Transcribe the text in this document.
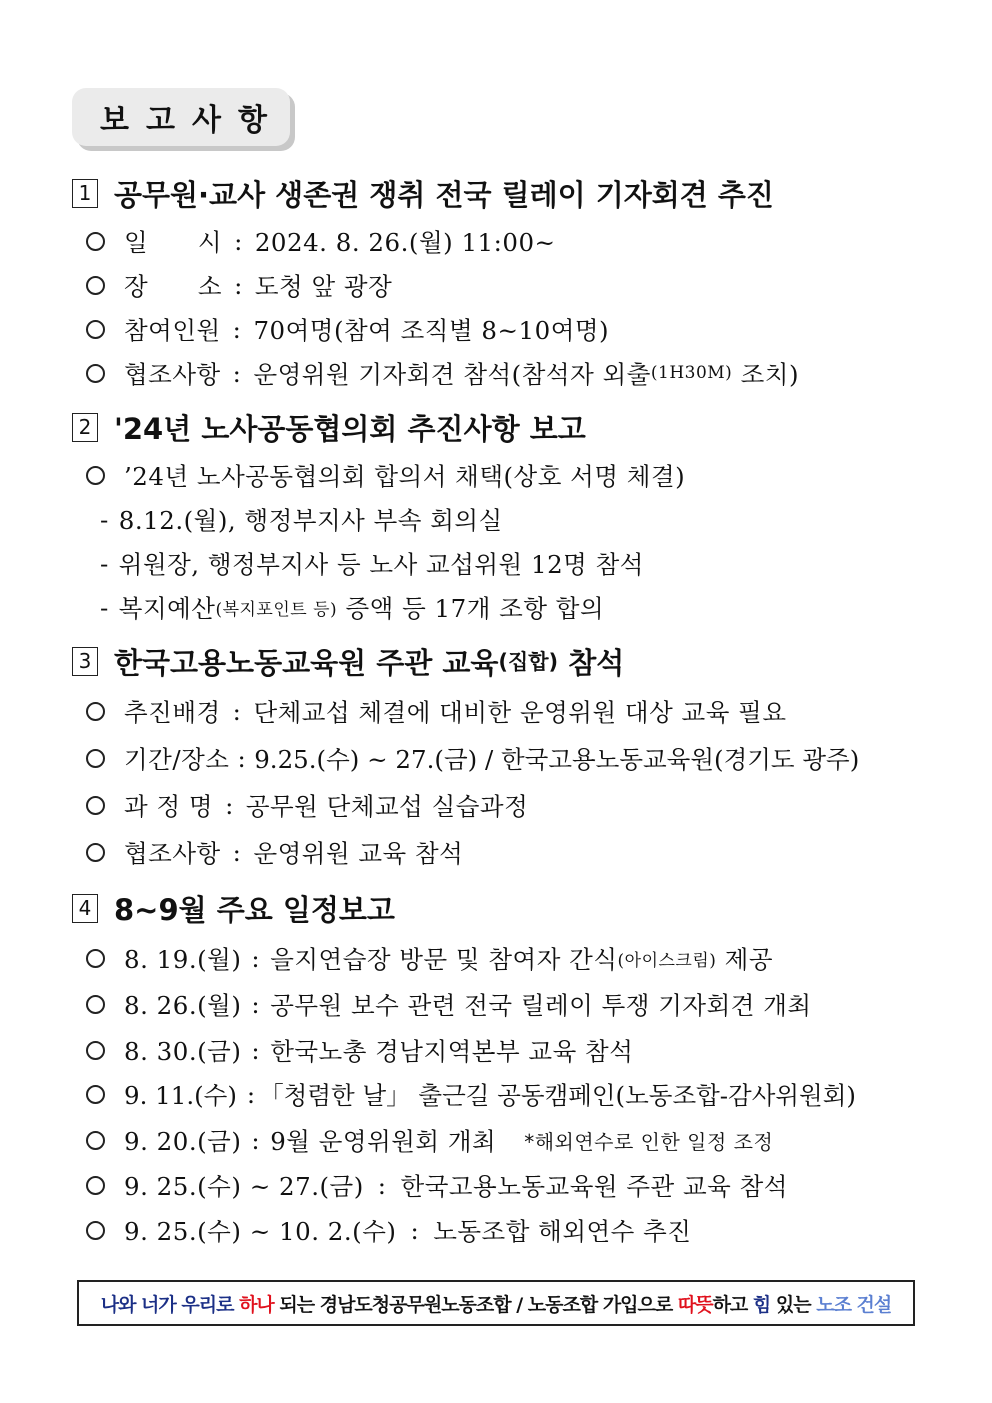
보고사항
1 공무원·교사 생존권 쟁취 전국 릴레이 기자회견 추진
일      시 : 2024. 8. 26.(월) 11:00~
장      소 : 도청 앞 광장
참여인원 : 70여명(참여 조직별 8~10여명)
협조사항 : 운영위원 기자회견 참석(참석자 외출 (1H30M) 조치)
2 '24년 노사공동협의회 추진사항 보고
’24년 노사공동협의회 합의서 채택(상호 서명 체결)
- 8.12.(월), 행정부지사 부속 회의실
- 위원장, 행정부지사 등 노사 교섭위원 12명 참석
- 복지예산 (복지포인트 등) 증액 등 17개 조항 합의
3 한국고용노동교육원 주관 교육 (집합) 참석
추진배경 : 단체교섭 체결에 대비한 운영위원 대상 교육 필요
기간/장소 : 9.25.(수) ~ 27.(금) / 한국고용노동교육원(경기도 광주)
과 정 명 : 공무원 단체교섭 실습과정
협조사항 : 운영위원 교육 참석
4 8~9월 주요 일정보고
8. 19.(월) : 을지연습장 방문 및 참여자 간식 (아이스크림) 제공
8. 26.(월) : 공무원 보수 관련 전국 릴레이 투쟁 기자회견 개최
8. 30.(금) : 한국노총 경남지역본부 교육 참석
9. 11.(수) : 「청렴한 날」 출근길 공동캠페인(노동조합-감사위원회)
9. 20.(금) : 9월 운영위원회 개최 *해외연수로 인한 일정 조정
9. 25.(수) ~ 27.(금) : 한국고용노동교육원 주관 교육 참석
9. 25.(수) ~ 10. 2.(수) : 노동조합 해외연수 추진
나와 너가 우리로 하나 되는 경남도청공무원노동조합 / 노동조합 가입으로 따뜻 하고 힘 있는 노조 건설
